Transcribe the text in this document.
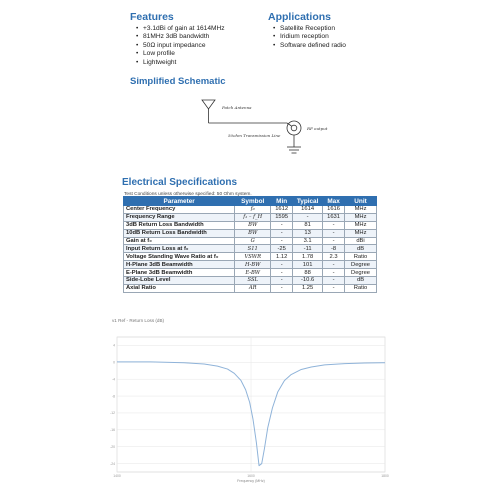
Features
• +3.1dBi of gain at 1614MHz
• 81MHz 3dB bandwidth
• 50Ω input impedance
• Low profile
• Lightweight
Applications
• Satellite Reception
• Iridium reception
• Software defined radio
Simplified Schematic
Patch Antenna
50ohm Transmission Line
RF output
Electrical Specifications
Test Conditions unless otherwise specified: 50 Ohm system.
Parameter	Symbol	Min	Typical	Max	Unit
Center Frequency	f₀	1612	1614	1616	MHz
Frequency Range	f₁ – f_H	1595	-	1631	MHz
3dB Return Loss Bandwidth	BW	-	81	-	MHz
10dB Return Loss Bandwidth	BW	-	13	-	MHz
Gain at f₀	G	-	3.1	-	dBi
Input Return Loss at f₀	S11	-25	-11	-8	dB
Voltage Standing Wave Ratio at f₀	VSWR	1.12	1.78	2.3	Ratio
H-Plane 3dB Beamwidth	H-BW	-	101	-	Degree
E-Plane 3dB Beamwidth	E-BW	-	88	-	Degree
Side-Lobe Level	SSL	-	-10.6	-	dB
Axial Ratio	AR	-	1.25	-	Ratio
v1 Ref - Return Loss (dB)
4
0
-4
-8
-12
-16
-20
-24
1400	1600	1800
Frequency (MHz)
